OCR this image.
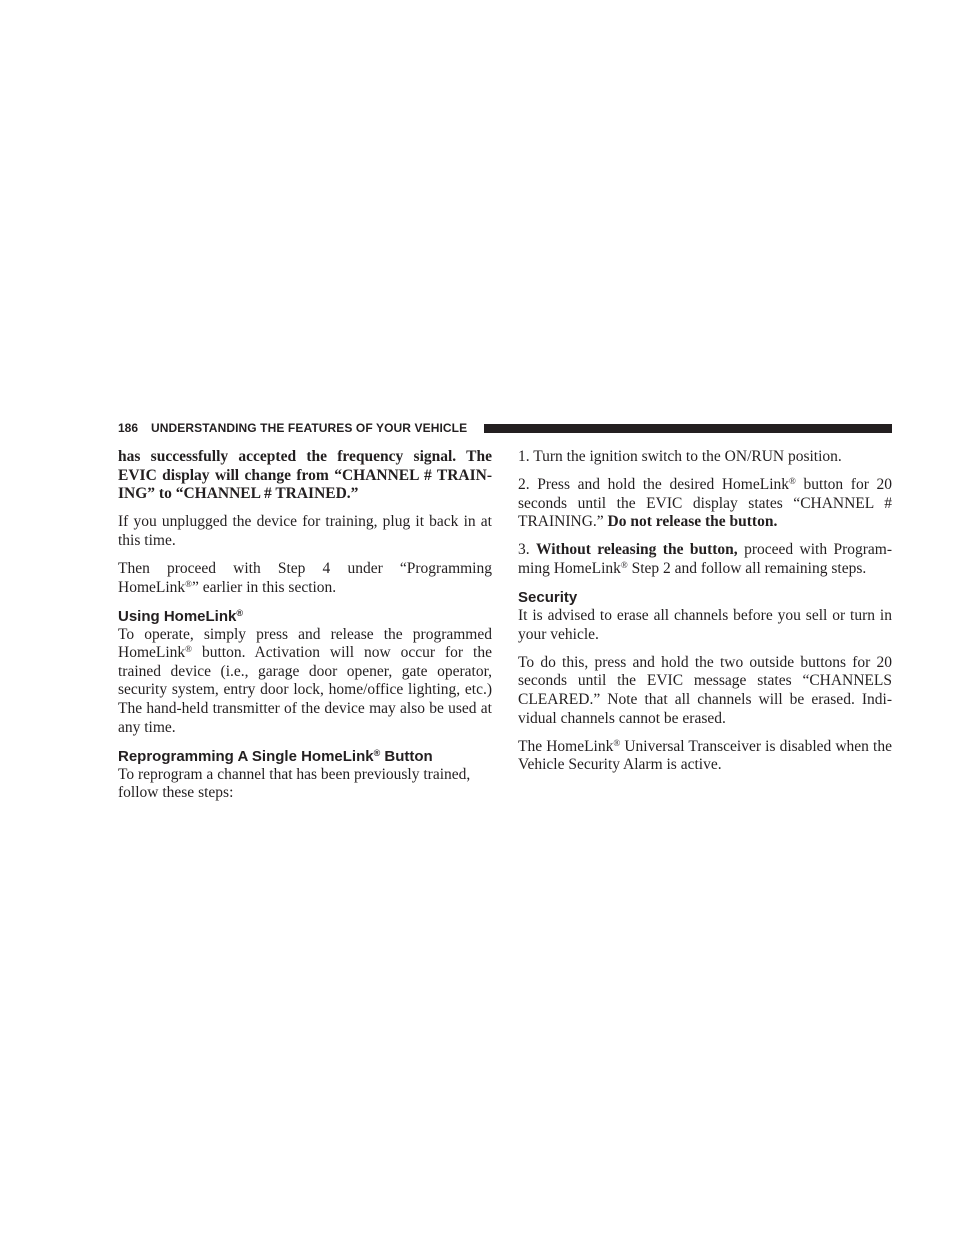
186 UNDERSTANDING THE FEATURES OF YOUR VEHICLE

has successfully accepted the frequency signal. The EVIC display will change from “CHANNEL # TRAIN-ING” to “CHANNEL # TRAINED.”

If you unplugged the device for training, plug it back in at this time.

Then proceed with Step 4 under “Programming HomeLink®” earlier in this section.

Using HomeLink®

To operate, simply press and release the programmed HomeLink® button. Activation will now occur for the trained device (i.e., garage door opener, gate operator, security system, entry door lock, home/office lighting, etc.) The hand-held transmitter of the device may also be used at any time.

Reprogramming A Single HomeLink® Button

To reprogram a channel that has been previously trained, follow these steps:

1. Turn the ignition switch to the ON/RUN position.

2. Press and hold the desired HomeLink® button for 20 seconds until the EVIC display states “CHANNEL # TRAINING.” Do not release the button.

3. Without releasing the button, proceed with Program-ming HomeLink® Step 2 and follow all remaining steps.

Security

It is advised to erase all channels before you sell or turn in your vehicle.

To do this, press and hold the two outside buttons for 20 seconds until the EVIC message states “CHANNELS CLEARED.” Note that all channels will be erased. Indi-vidual channels cannot be erased.

The HomeLink® Universal Transceiver is disabled when the Vehicle Security Alarm is active.
